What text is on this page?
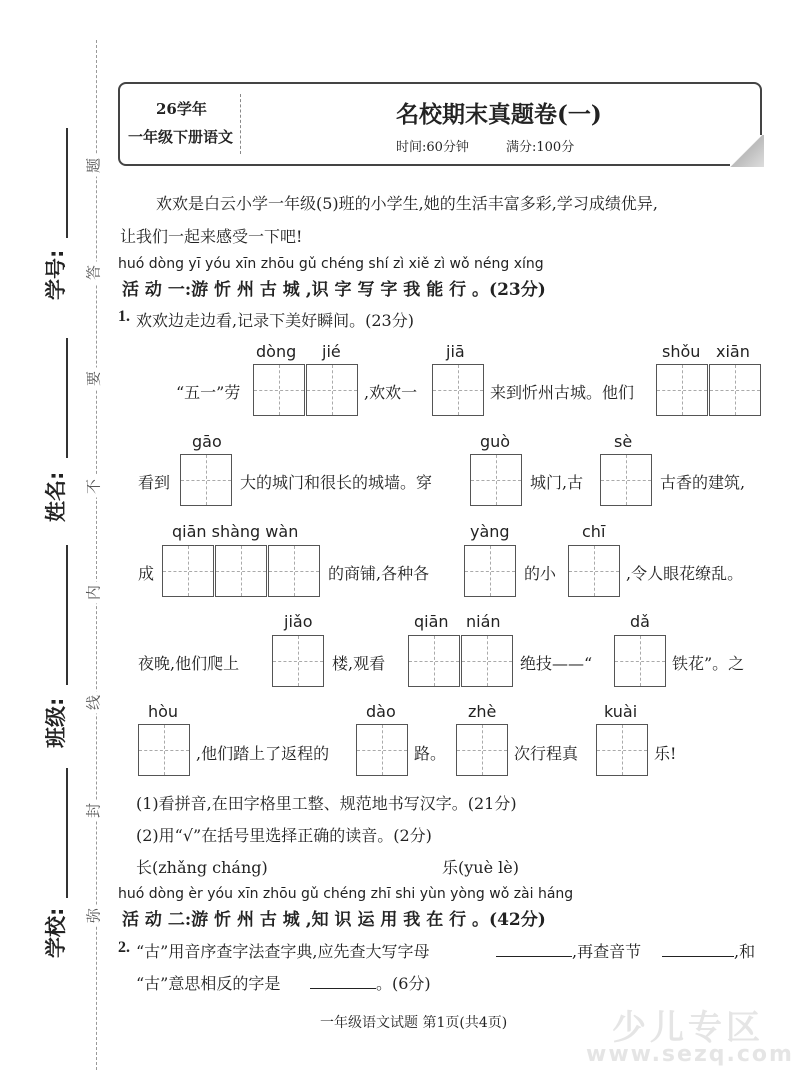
学号:
姓名:
班级:
学校:
题
答
要
不
内
线
封
弥
26学年
一年级下册语文
名校期末真题卷(一)
时间:60分钟	满分:100分
欢欢是白云小学一年级(5)班的小学生,她的生活丰富多彩,学习成绩优异,
让我们一起来感受一下吧!
huó dòng yī yóu xīn zhōu gǔ chéng shí zì xiě zì wǒ néng xíng
活 动 一:游 忻 州 古 城 ,识 字 写 字 我 能 行 。(23分)
1. 欢欢边走边看,记录下美好瞬间。(23分)
dòng jié	jiā	shǒu xiān
“五一”劳	,欢欢一	来到忻州古城。他们
gāo	guò	sè
看到	大的城门和很长的城墙。穿	城门,古	古香的建筑,
qiān shàng wàn	yàng	chī
成	的商铺,各种各	的小	,令人眼花缭乱。
jiǎo	qiān nián	dǎ
夜晚,他们爬上	楼,观看	绝技——“	铁花”。之
hòu	dào	zhè	kuài
,他们踏上了返程的	路。	次行程真	乐!
(1)看拼音,在田字格里工整、规范地书写汉字。(21分)
(2)用“√”在括号里选择正确的读音。(2分)
长(zhǎng cháng)	乐(yuè lè)
huó dòng èr yóu xīn zhōu gǔ chéng zhī shi yùn yòng wǒ zài háng
活 动 二:游 忻 州 古 城 ,知 识 运 用 我 在 行 。(42分)
2. “古”用音序查字法查字典,应先查大写字母	,再查音节	,和
“古”意思相反的字是	。(6分)
一年级语文试题 第1页(共4页)	少儿专区
www.sezq.com
